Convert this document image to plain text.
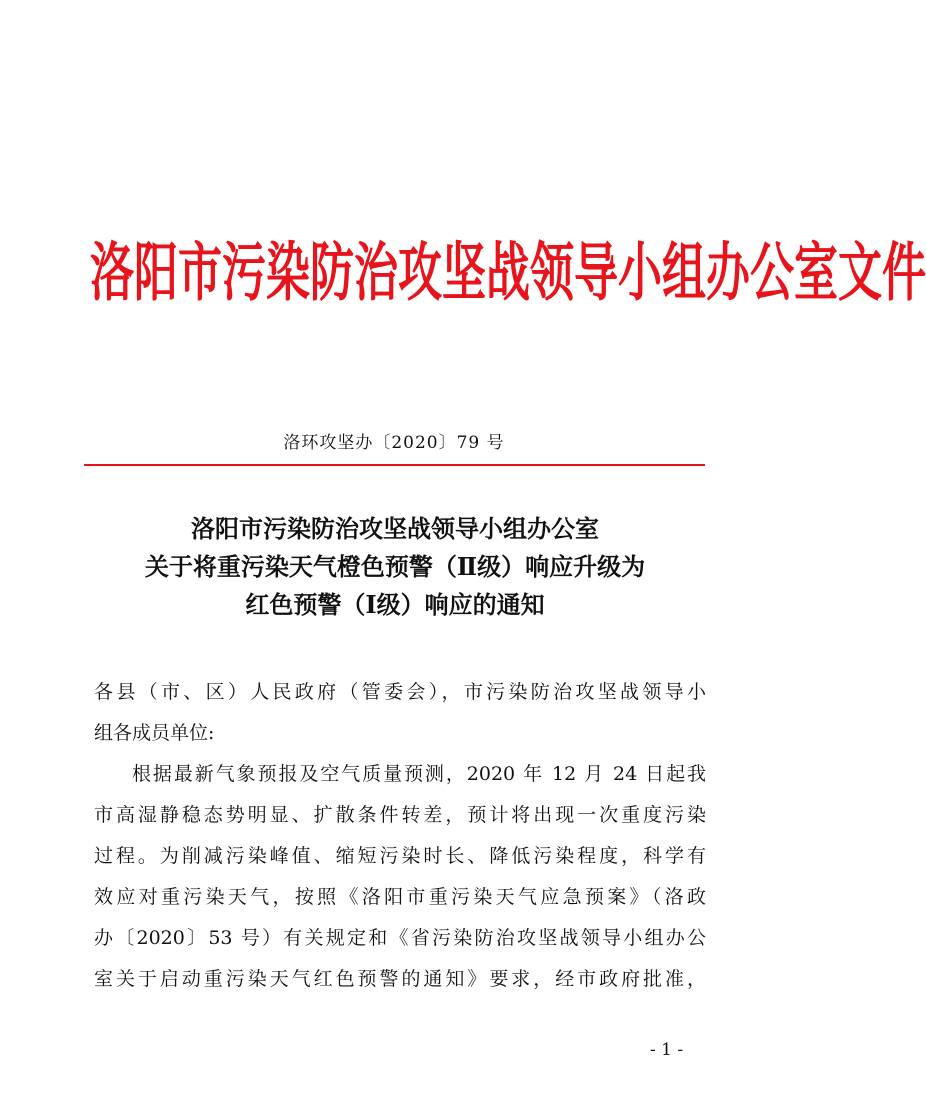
洛阳市污染防治攻坚战领导小组办公室文件
洛环攻坚办〔2020〕79 号
洛阳市污染防治攻坚战领导小组办公室
关于将重污染天气橙色预警（Ⅱ级）响应升级为
红色预警（Ⅰ级）响应的通知
各县（市、区）人民政府（管委会），市污染防治攻坚战领导小
组各成员单位:
根据最新气象预报及空气质量预测，2020 年 12 月 24 日起我
市高湿静稳态势明显、扩散条件转差，预计将出现一次重度污染
过程。为削减污染峰值、缩短污染时长、降低污染程度，科学有
效应对重污染天气，按照《洛阳市重污染天气应急预案》（洛政
办〔2020〕53 号）有关规定和《省污染防治攻坚战领导小组办公
室关于启动重污染天气红色预警的通知》要求，经市政府批准，
- 1 -
